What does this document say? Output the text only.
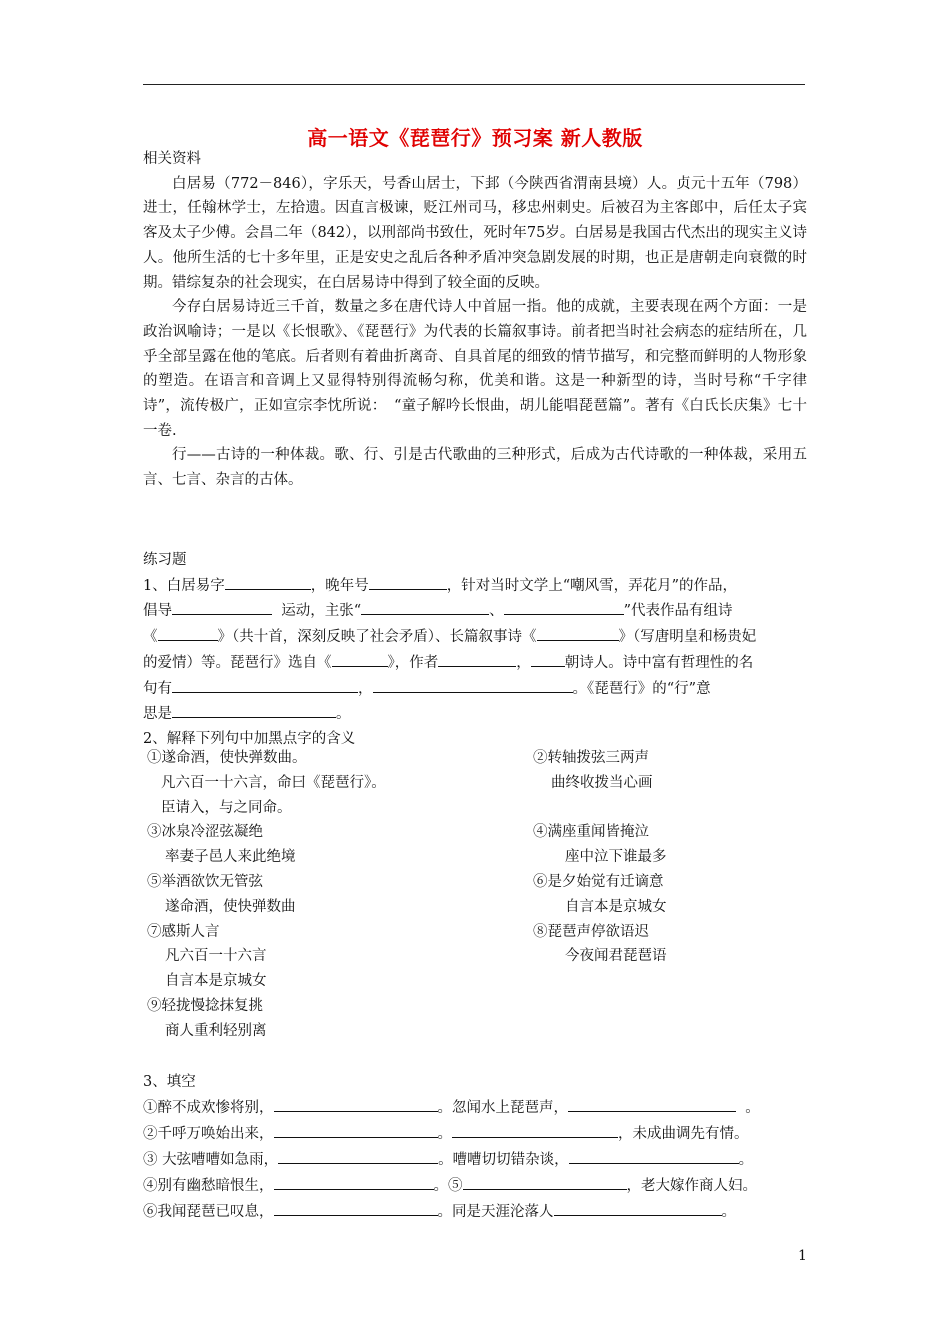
高一语文《琵琶行》预习案 新人教版
相关资料

白居易（772－846），字乐天，号香山居士，下邽（今陕西省渭南县境）人。贞元十五年（798）进士，任翰林学士，左拾遗。因直言极谏，贬江州司马，移忠州刺史。后被召为主客郎中，后任太子宾客及太子少傅。会昌二年（842），以刑部尚书致仕，死时年75岁。白居易是我国古代杰出的现实主义诗人。他所生活的七十多年里，正是安史之乱后各种矛盾冲突急剧发展的时期，也正是唐朝走向衰微的时期。错综复杂的社会现实，在白居易诗中得到了较全面的反映。

今存白居易诗近三千首，数量之多在唐代诗人中首屈一指。他的成就，主要表现在两个方面：一是政治讽喻诗；一是以《长恨歌》、《琵琶行》为代表的长篇叙事诗。前者把当时社会病态的症结所在，几乎全部呈露在他的笔底。后者则有着曲折离奇、自具首尾的细致的情节描写，和完整而鲜明的人物形象的塑造。在语言和音调上又显得特别得流畅匀称，优美和谐。这是一种新型的诗，当时号称“千字律诗”，流传极广，正如宣宗李忱所说：　“童子解吟长恨曲，胡儿能唱琵琶篇”。著有《白氏长庆集》七十一卷.

行——古诗的一种体裁。歌、行、引是古代歌曲的三种形式，后成为古代诗歌的一种体裁，采用五言、七言、杂言的古体。

练习题
1、白居易字	，晚年号	，针对当时文学上“嘲风雪，弄花月”的作品，
倡导	运动，主张“	、	”代表作品有组诗
《	》（共十首，深刻反映了社会矛盾）、长篇叙事诗《	》（写唐明皇和杨贵妃
的爱情）等。琵琶行》选自《	》，作者	， 朝诗人。诗中富有哲理性的名
句有	，	。《琵琶行》的“行”意
思是	。
2、解释下列句中加黑点字的含义
①遂命酒，使快弹数曲。	②转轴拨弦三两声
凡六百一十六言，命曰《琵琶行》。	曲终收拨当心画
臣请入，与之同命。
③冰泉冷涩弦凝绝	④满座重闻皆掩泣
率妻子邑人来此绝境	座中泣下谁最多
⑤举酒欲饮无管弦	⑥是夕始觉有迁谪意
遂命酒，使快弹数曲	自言本是京城女
⑦感斯人言	⑧琵琶声停欲语迟
凡六百一十六言	今夜闻君琵琶语
自言本是京城女
⑨轻拢慢捻抹复挑
商人重利轻别离
3、填空
①醉不成欢惨将别，	。忽闻水上琵琶声，	。
②千呼万唤始出来，	。	，未成曲调先有情。
③ 大弦嘈嘈如急雨，	。嘈嘈切切错杂谈，	。
④别有幽愁暗恨生，	。⑤	，老大嫁作商人妇。
⑥我闻琵琶已叹息，	。同是天涯沦落人	。
1
